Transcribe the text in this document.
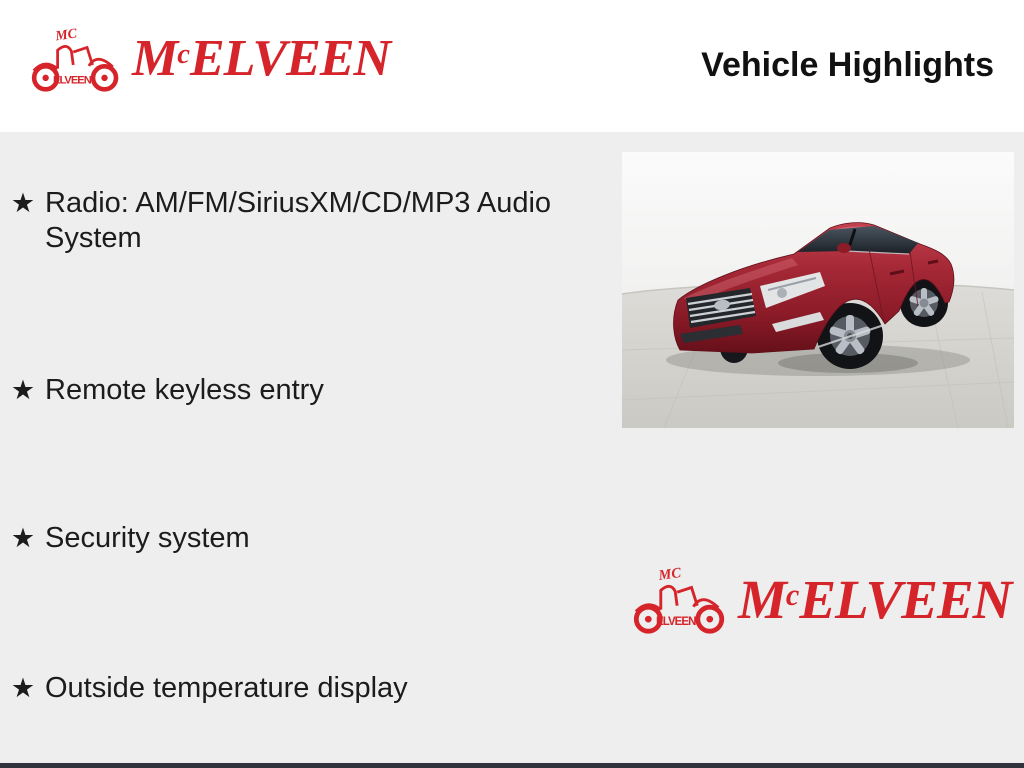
MC
ELVEEN $M^cELVEEN$	Vehicle Highlights
★ Radio: AM/FM/SiriusXM/CD/MP3 Audio System
★ Remote keyless entry
★ Security system
★ Outside temperature display
MC
ELVEEN $M^cELVEEN$
